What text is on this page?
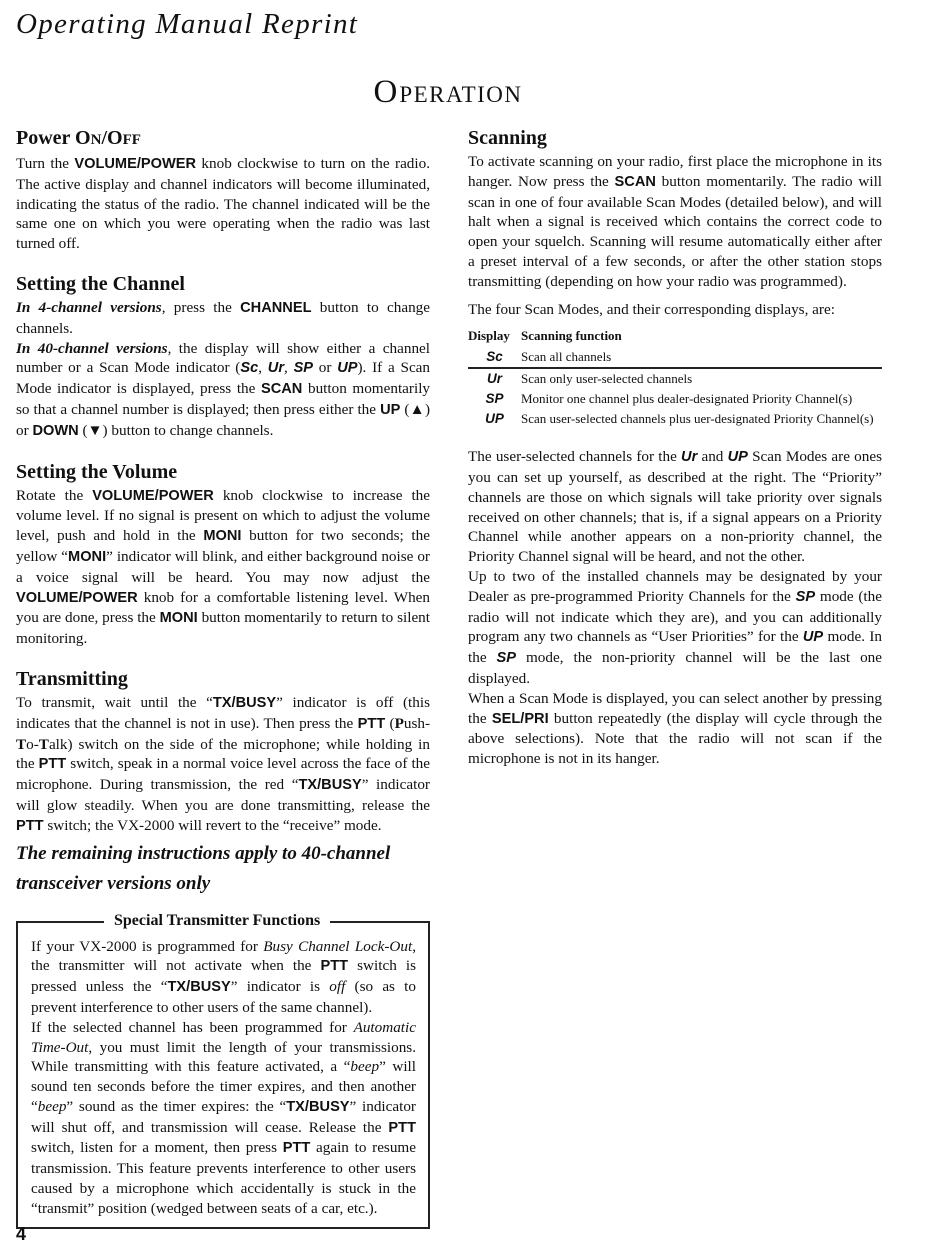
Operating Manual Reprint
OPERATION
Power ON/OFF

Turn the VOLUME/POWER knob clockwise to turn on the radio. The active display and channel indicators will become illuminated, indicating the status of the radio. The channel indicated will be the same one on which you were operating when the radio was last turned off.

Setting the Channel

In 4-channel versions, press the CHANNEL button to change channels.

In 40-channel versions, the display will show either a channel number or a Scan Mode indicator (Sc, Ur, SP or UP). If a Scan Mode indicator is displayed, press the SCAN button momentarily so that a channel number is displayed; then press either the UP (▲) or DOWN (▼) button to change channels.

Setting the Volume

Rotate the VOLUME/POWER knob clockwise to increase the volume level. If no signal is present on which to adjust the volume level, push and hold in the MONI button for two seconds; the yellow “MONI” indicator will blink, and either background noise or a voice signal will be heard. You may now adjust the VOLUME/POWER knob for a comfortable listening level. When you are done, press the MONI button momentarily to return to silent monitoring.

Transmitting

To transmit, wait until the “TX/BUSY” indicator is off (this indicates that the channel is not in use). Then press the PTT (Push-To-Talk) switch on the side of the microphone; while holding in the PTT switch, speak in a normal voice level across the face of the microphone. During transmission, the red “TX/BUSY” indicator will glow steadily. When you are done transmitting, release the PTT switch; the VX-2000 will revert to the “receive” mode.

The remaining instructions apply to 40-channel transceiver versions only

Special Transmitter Functions

If your VX-2000 is programmed for Busy Channel Lock-Out, the transmitter will not activate when the PTT switch is pressed unless the “TX/BUSY” indicator is off (so as to prevent interference to other users of the same channel).

If the selected channel has been programmed for Automatic Time-Out, you must limit the length of your transmissions. While transmitting with this feature activated, a “beep” will sound ten seconds before the timer expires, and then another “beep” sound as the timer expires: the “TX/BUSY” indicator will shut off, and transmission will cease. Release the PTT switch, listen for a moment, then press PTT again to resume transmission. This feature prevents interference to other users caused by a microphone which accidentally is stuck in the “transmit” position (wedged between seats of a car, etc.).

Scanning

To activate scanning on your radio, first place the microphone in its hanger. Now press the SCAN button momentarily. The radio will scan in one of four available Scan Modes (detailed below), and will halt when a signal is received which contains the correct code to open your squelch. Scanning will resume automatically either after a preset interval of a few seconds, or after the other station stops transmitting (depending on how your radio was programmed).

The four Scan Modes, and their corresponding displays, are:

Display	Scanning function
Sc	Scan all channels
Ur	Scan only user-selected channels
SP	Monitor one channel plus dealer-designated Priority Channel(s)
UP	Scan user-selected channels plus uer-designated Priority Channel(s)

The user-selected channels for the Ur and UP Scan Modes are ones you can set up yourself, as described at the right. The “Priority” channels are those on which signals will take priority over signals received on other channels; that is, if a signal appears on a Priority Channel while another appears on a non-priority channel, the Priority Channel signal will be heard, and not the other.

Up to two of the installed channels may be designated by your Dealer as pre-programmed Priority Channels for the SP mode (the radio will not indicate which they are), and you can additionally program any two channels as “User Priorities” for the UP mode. In the SP mode, the non-priority channel will be the last one displayed.

When a Scan Mode is displayed, you can select another by pressing the SEL/PRI button repeatedly (the display will cycle through the above selections). Note that the radio will not scan if the microphone is not in its hanger.

4
